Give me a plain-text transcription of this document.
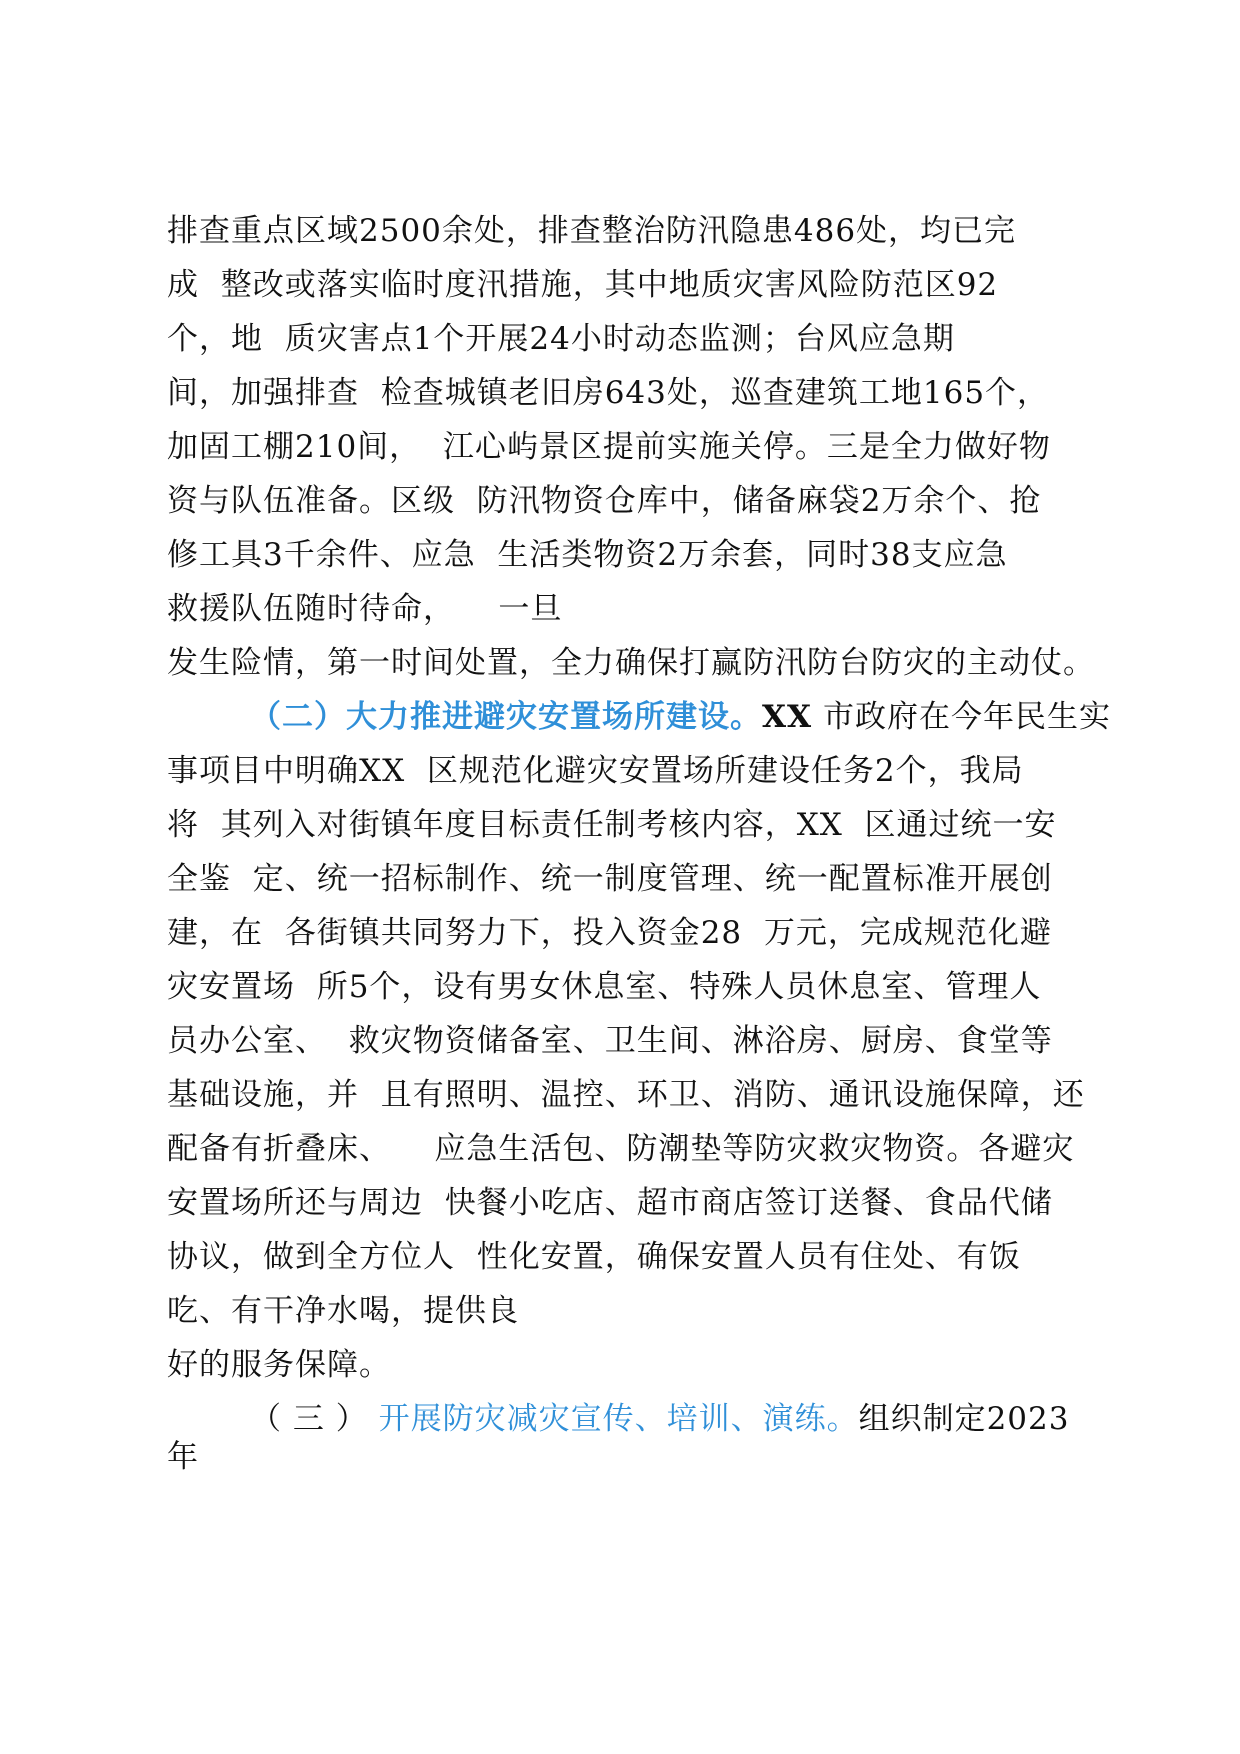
排查重点区域2500余处，排查整治防汛隐患486处，均已完
成  整改或落实临时度汛措施，其中地质灾害风险防范区92
个，地  质灾害点1个开展24小时动态监测；台风应急期
间，加强排查  检查城镇老旧房643处，巡查建筑工地165个，
加固工棚210间，  江心屿景区提前实施关停。三是全力做好物
资与队伍准备。区级  防汛物资仓库中，储备麻袋2万余个、抢
修工具3千余件、应急  生活类物资2万余套，同时38支应急
救援队伍随时待命，    一旦
发生险情，第一时间处置，全力确保打赢防汛防台防灾的主动仗。
（二）大力推进避灾安置场所建设。XX 市政府在今年民生实
事项目中明确XX  区规范化避灾安置场所建设任务2个，我局
将  其列入对街镇年度目标责任制考核内容，XX  区通过统一安
全鉴  定、统一招标制作、统一制度管理、统一配置标准开展创
建，在  各街镇共同努力下，投入资金28  万元，完成规范化避
灾安置场  所5个，设有男女休息室、特殊人员休息室、管理人
员办公室、  救灾物资储备室、卫生间、淋浴房、厨房、食堂等
基础设施，并  且有照明、温控、环卫、消防、通讯设施保障，还
配备有折叠床、    应急生活包、防潮垫等防灾救灾物资。各避灾
安置场所还与周边  快餐小吃店、超市商店签订送餐、食品代储
协议，做到全方位人  性化安置，确保安置人员有住处、有饭
吃、有干净水喝，提供良
好的服务保障。
（ 三 ） 开展防灾减灾宣传、培训、演练。组织制定2023
年
